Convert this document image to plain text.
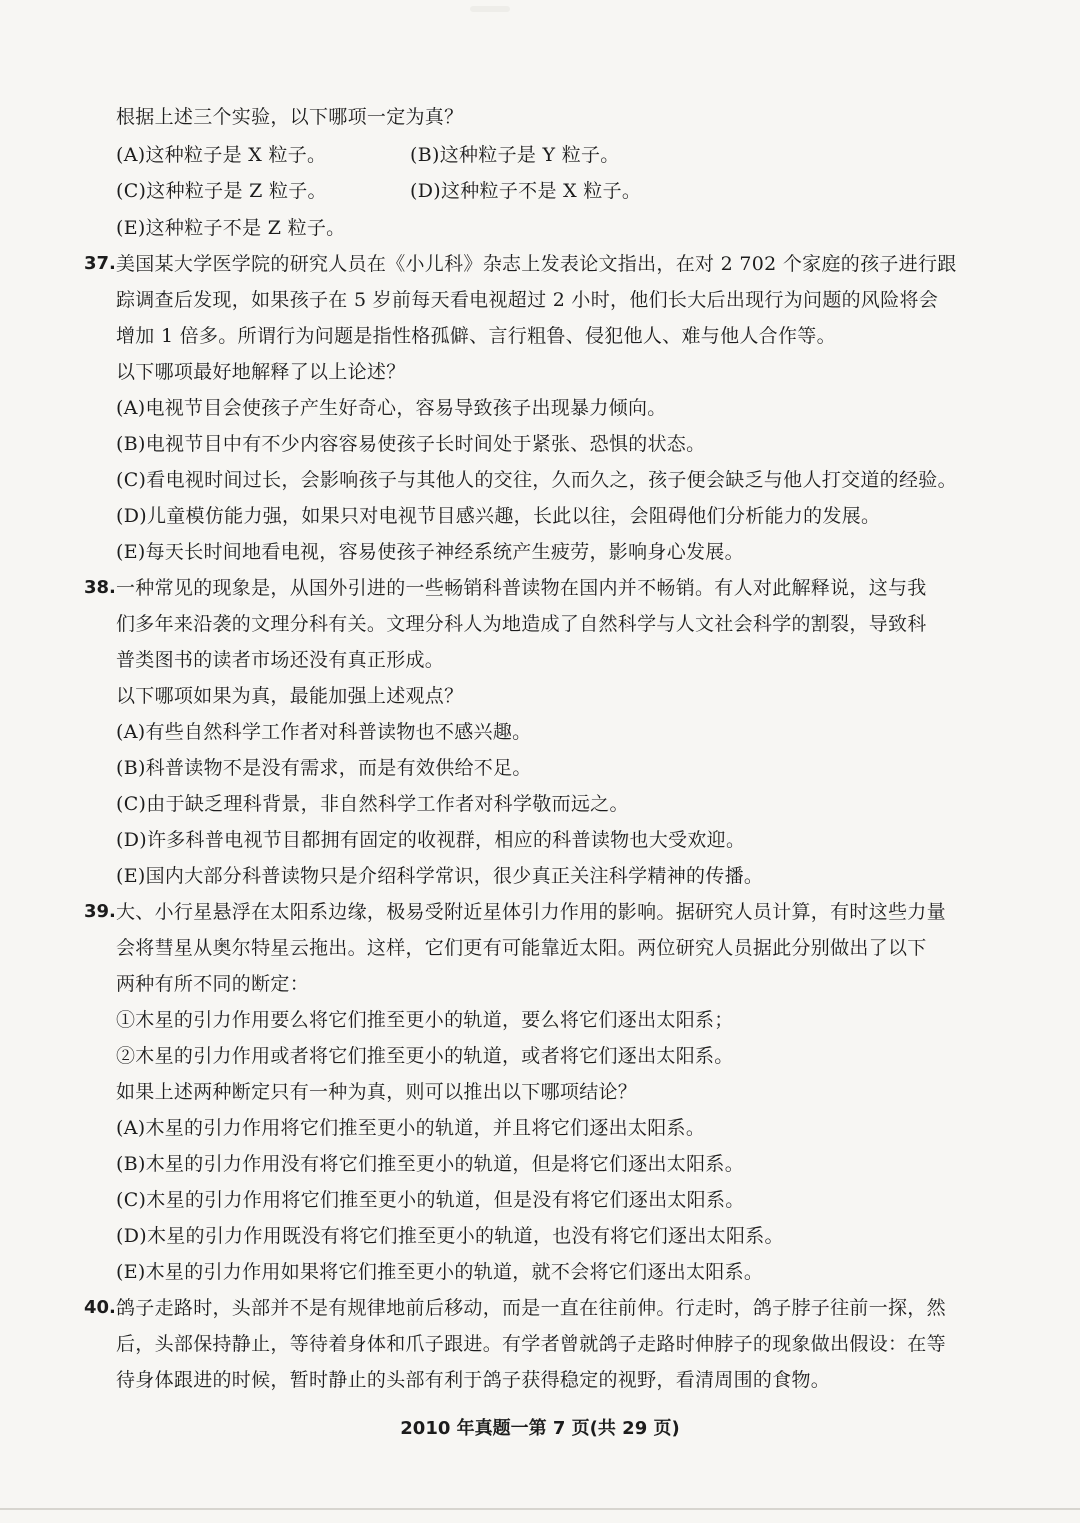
根据上述三个实验，以下哪项一定为真？
(A)这种粒子是 X 粒子。	(B)这种粒子是 Y 粒子。
(C)这种粒子是 Z 粒子。	(D)这种粒子不是 X 粒子。
(E)这种粒子不是 Z 粒子。
37. 美国某大学医学院的研究人员在《小儿科》杂志上发表论文指出，在对 2 702 个家庭的孩子进行跟
踪调查后发现，如果孩子在 5 岁前每天看电视超过 2 小时，他们长大后出现行为问题的风险将会
增加 1 倍多。所谓行为问题是指性格孤僻、言行粗鲁、侵犯他人、难与他人合作等。
以下哪项最好地解释了以上论述？
(A)电视节目会使孩子产生好奇心，容易导致孩子出现暴力倾向。
(B)电视节目中有不少内容容易使孩子长时间处于紧张、恐惧的状态。
(C)看电视时间过长，会影响孩子与其他人的交往，久而久之，孩子便会缺乏与他人打交道的经验。
(D)儿童模仿能力强，如果只对电视节目感兴趣，长此以往，会阻碍他们分析能力的发展。
(E)每天长时间地看电视，容易使孩子神经系统产生疲劳，影响身心发展。
38. 一种常见的现象是，从国外引进的一些畅销科普读物在国内并不畅销。有人对此解释说，这与我
们多年来沿袭的文理分科有关。文理分科人为地造成了自然科学与人文社会科学的割裂，导致科
普类图书的读者市场还没有真正形成。
以下哪项如果为真，最能加强上述观点？
(A)有些自然科学工作者对科普读物也不感兴趣。
(B)科普读物不是没有需求，而是有效供给不足。
(C)由于缺乏理科背景，非自然科学工作者对科学敬而远之。
(D)许多科普电视节目都拥有固定的收视群，相应的科普读物也大受欢迎。
(E)国内大部分科普读物只是介绍科学常识，很少真正关注科学精神的传播。
39. 大、小行星悬浮在太阳系边缘，极易受附近星体引力作用的影响。据研究人员计算，有时这些力量
会将彗星从奥尔特星云拖出。这样，它们更有可能靠近太阳。两位研究人员据此分别做出了以下
两种有所不同的断定：
①木星的引力作用要么将它们推至更小的轨道，要么将它们逐出太阳系；
②木星的引力作用或者将它们推至更小的轨道，或者将它们逐出太阳系。
如果上述两种断定只有一种为真，则可以推出以下哪项结论？
(A)木星的引力作用将它们推至更小的轨道，并且将它们逐出太阳系。
(B)木星的引力作用没有将它们推至更小的轨道，但是将它们逐出太阳系。
(C)木星的引力作用将它们推至更小的轨道，但是没有将它们逐出太阳系。
(D)木星的引力作用既没有将它们推至更小的轨道，也没有将它们逐出太阳系。
(E)木星的引力作用如果将它们推至更小的轨道，就不会将它们逐出太阳系。
40. 鸽子走路时，头部并不是有规律地前后移动，而是一直在往前伸。行走时，鸽子脖子往前一探，然
后，头部保持静止，等待着身体和爪子跟进。有学者曾就鸽子走路时伸脖子的现象做出假设：在等
待身体跟进的时候，暂时静止的头部有利于鸽子获得稳定的视野，看清周围的食物。
2010 年真题一第 7 页(共 29 页)
